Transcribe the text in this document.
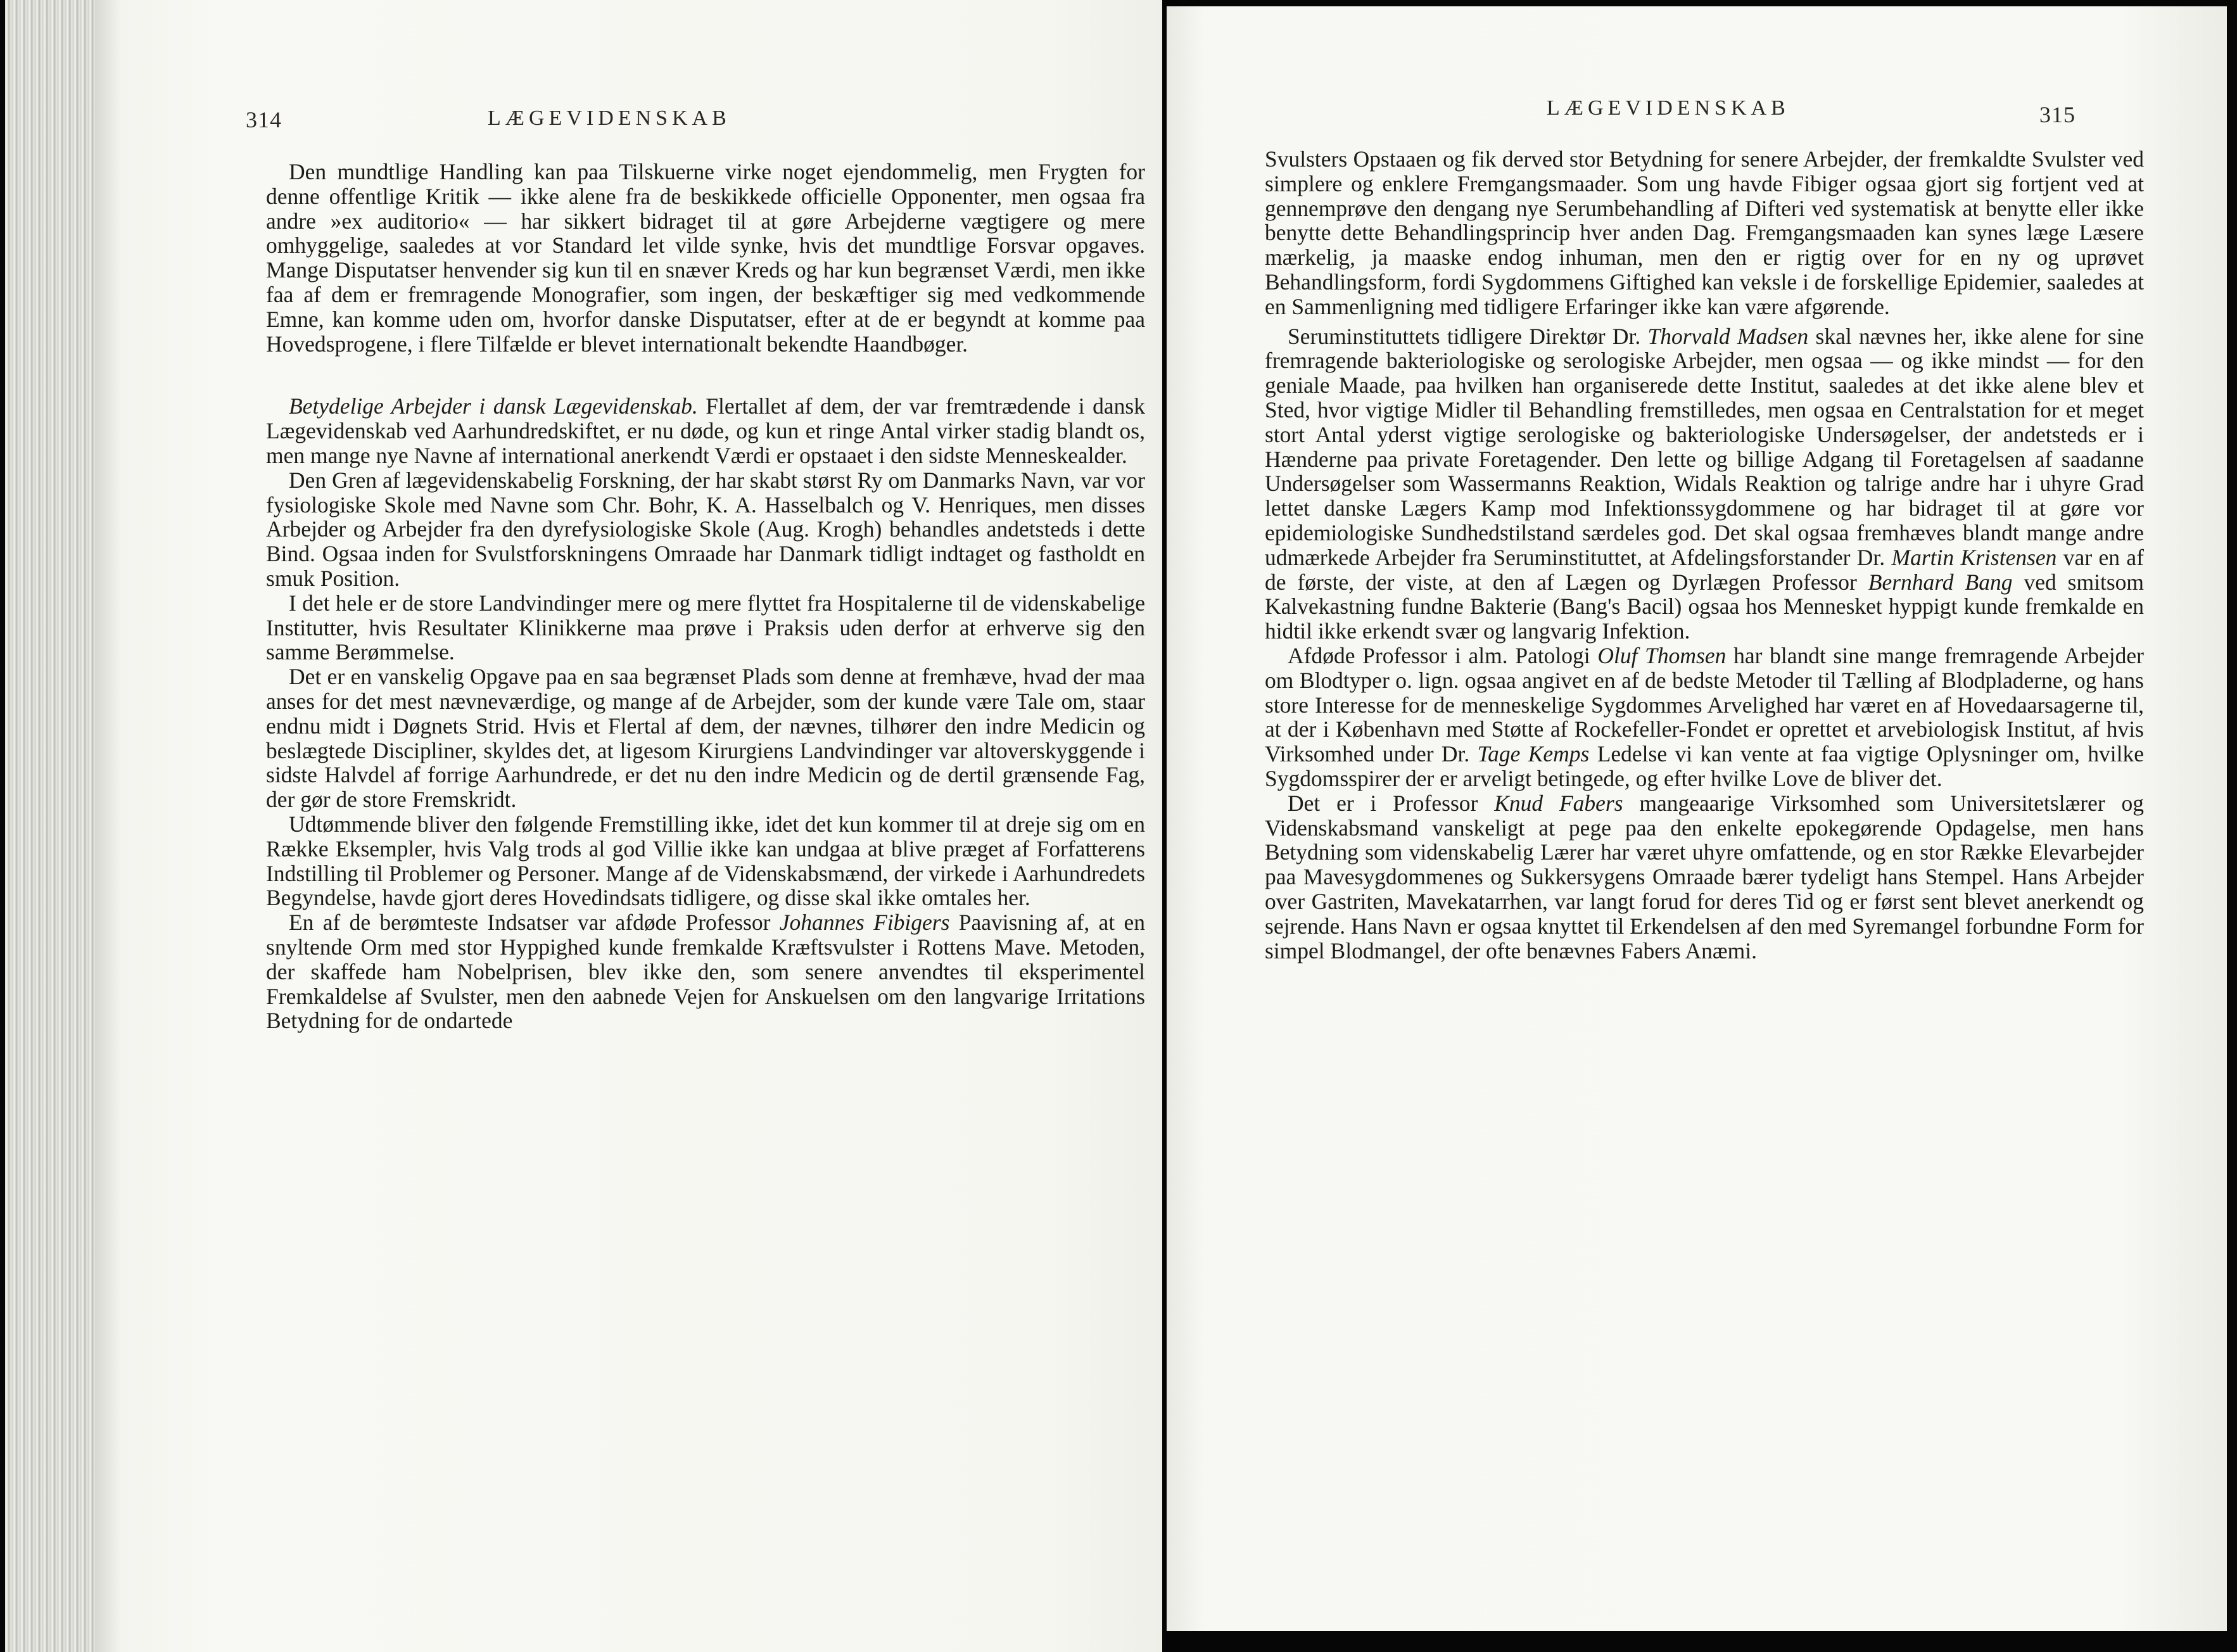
314	LÆGEVIDENSKAB

Den mundtlige Handling kan paa Tilskuerne virke noget ejendommelig, men Frygten for denne offentlige Kritik — ikke alene fra de beskikkede officielle Opponenter, men ogsaa fra andre »ex auditorio« — har sikkert bidraget til at gøre Arbejderne vægtigere og mere omhyggelige, saaledes at vor Standard let vilde synke, hvis det mundtlige Forsvar opgaves. Mange Disputatser henvender sig kun til en snæver Kreds og har kun begrænset Værdi, men ikke faa af dem er fremragende Monografier, som ingen, der beskæftiger sig med vedkommende Emne, kan komme uden om, hvorfor danske Disputatser, efter at de er begyndt at komme paa Hovedsprogene, i flere Tilfælde er blevet internationalt bekendte Haandbøger.

Betydelige Arbejder i dansk Lægevidenskab. Flertallet af dem, der var fremtrædende i dansk Lægevidenskab ved Aarhundredskiftet, er nu døde, og kun et ringe Antal virker stadig blandt os, men mange nye Navne af international anerkendt Værdi er opstaaet i den sidste Menneskealder.

Den Gren af lægevidenskabelig Forskning, der har skabt størst Ry om Danmarks Navn, var vor fysiologiske Skole med Navne som Chr. Bohr, K. A. Hasselbalch og V. Henriques, men disses Arbejder og Arbejder fra den dyrefysiologiske Skole (Aug. Krogh) behandles andetsteds i dette Bind. Ogsaa inden for Svulstforskningens Omraade har Danmark tidligt indtaget og fastholdt en smuk Position.

I det hele er de store Landvindinger mere og mere flyttet fra Hospitalerne til de videnskabelige Institutter, hvis Resultater Klinikkerne maa prøve i Praksis uden derfor at erhverve sig den samme Berømmelse.

Det er en vanskelig Opgave paa en saa begrænset Plads som denne at fremhæve, hvad der maa anses for det mest nævneværdige, og mange af de Arbejder, som der kunde være Tale om, staar endnu midt i Døgnets Strid. Hvis et Flertal af dem, der nævnes, tilhører den indre Medicin og beslægtede Discipliner, skyldes det, at ligesom Kirurgiens Landvindinger var altoverskyggende i sidste Halvdel af forrige Aarhundrede, er det nu den indre Medicin og de dertil grænsende Fag, der gør de store Fremskridt.

Udtømmende bliver den følgende Fremstilling ikke, idet det kun kommer til at dreje sig om en Række Eksempler, hvis Valg trods al god Villie ikke kan undgaa at blive præget af Forfatterens Indstilling til Problemer og Personer. Mange af de Videnskabsmænd, der virkede i Aarhundredets Begyndelse, havde gjort deres Hovedindsats tidligere, og disse skal ikke omtales her.

En af de berømteste Indsatser var afdøde Professor Johannes Fibigers Paavisning af, at en snyltende Orm med stor Hyppighed kunde fremkalde Kræftsvulster i Rottens Mave. Metoden, der skaffede ham Nobelprisen, blev ikke den, som senere anvendtes til eksperimentel Fremkaldelse af Svulster, men den aabnede Vejen for Anskuelsen om den langvarige Irritations Betydning for de ondartede

LÆGEVIDENSKAB	315

Svulsters Opstaaen og fik derved stor Betydning for senere Arbejder, der fremkaldte Svulster ved simplere og enklere Fremgangsmaader. Som ung havde Fibiger ogsaa gjort sig fortjent ved at gennemprøve den dengang nye Serumbehandling af Difteri ved systematisk at benytte eller ikke benytte dette Behandlingsprincip hver anden Dag. Fremgangsmaaden kan synes læge Læsere mærkelig, ja maaske endog inhuman, men den er rigtig over for en ny og uprøvet Behandlingsform, fordi Sygdommens Giftighed kan veksle i de forskellige Epidemier, saaledes at en Sammenligning med tidligere Erfaringer ikke kan være afgørende.

Seruminstituttets tidligere Direktør Dr. Thorvald Madsen skal nævnes her, ikke alene for sine fremragende bakteriologiske og serologiske Arbejder, men ogsaa — og ikke mindst — for den geniale Maade, paa hvilken han organiserede dette Institut, saaledes at det ikke alene blev et Sted, hvor vigtige Midler til Behandling fremstilledes, men ogsaa en Centralstation for et meget stort Antal yderst vigtige serologiske og bakteriologiske Undersøgelser, der andetsteds er i Hænderne paa private Foretagender. Den lette og billige Adgang til Foretagelsen af saadanne Undersøgelser som Wassermanns Reaktion, Widals Reaktion og talrige andre har i uhyre Grad lettet danske Lægers Kamp mod Infektionssygdommene og har bidraget til at gøre vor epidemiologiske Sundhedstilstand særdeles god. Det skal ogsaa fremhæves blandt mange andre udmærkede Arbejder fra Seruminstituttet, at Afdelingsforstander Dr. Martin Kristensen var en af de første, der viste, at den af Lægen og Dyrlægen Professor Bernhard Bang ved smitsom Kalvekastning fundne Bakterie (Bang's Bacil) ogsaa hos Mennesket hyppigt kunde fremkalde en hidtil ikke erkendt svær og langvarig Infektion.

Afdøde Professor i alm. Patologi Oluf Thomsen har blandt sine mange fremragende Arbejder om Blodtyper o. lign. ogsaa angivet en af de bedste Metoder til Tælling af Blodpladerne, og hans store Interesse for de menneskelige Sygdommes Arvelighed har været en af Hovedaarsagerne til, at der i København med Støtte af Rockefeller-Fondet er oprettet et arvebiologisk Institut, af hvis Virksomhed under Dr. Tage Kemps Ledelse vi kan vente at faa vigtige Oplysninger om, hvilke Sygdomsspirer der er arveligt betingede, og efter hvilke Love de bliver det.

Det er i Professor Knud Fabers mangeaarige Virksomhed som Universitetslærer og Videnskabsmand vanskeligt at pege paa den enkelte epokegørende Opdagelse, men hans Betydning som videnskabelig Lærer har været uhyre omfattende, og en stor Række Elevarbejder paa Mavesygdommenes og Sukkersygens Omraade bærer tydeligt hans Stempel. Hans Arbejder over Gastriten, Mavekatarrhen, var langt forud for deres Tid og er først sent blevet anerkendt og sejrende. Hans Navn er ogsaa knyttet til Erkendelsen af den med Syremangel forbundne Form for simpel Blodmangel, der ofte benævnes Fabers Anæmi.
